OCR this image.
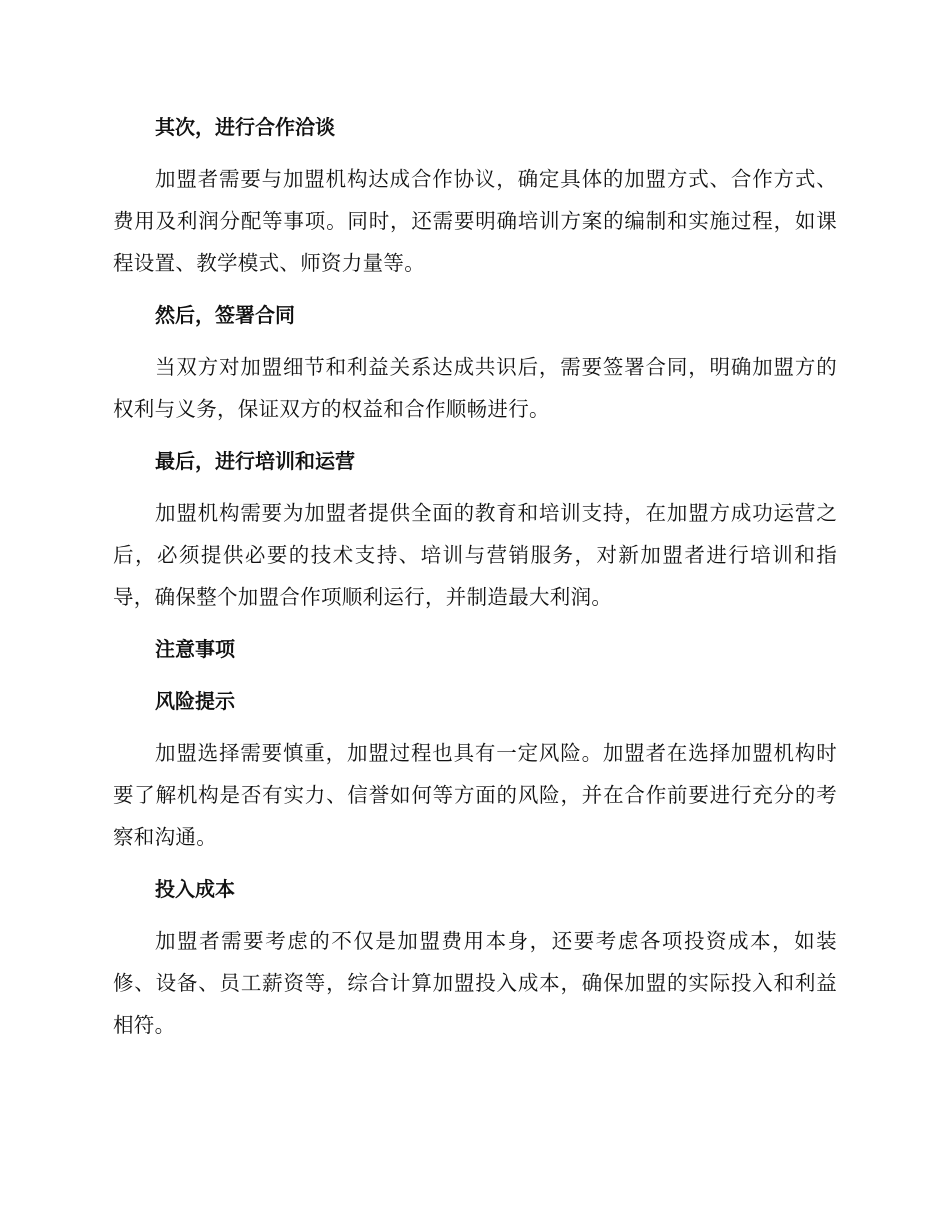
其次，进行合作洽谈
加盟者需要与加盟机构达成合作协议，确定具体的加盟方式、合作方式、费用及利润分配等事项。同时，还需要明确培训方案的编制和实施过程，如课程设置、教学模式、师资力量等。
然后，签署合同
当双方对加盟细节和利益关系达成共识后，需要签署合同，明确加盟方的权利与义务，保证双方的权益和合作顺畅进行。
最后，进行培训和运营
加盟机构需要为加盟者提供全面的教育和培训支持，在加盟方成功运营之后，必须提供必要的技术支持、培训与营销服务，对新加盟者进行培训和指导，确保整个加盟合作项顺利运行，并制造最大利润。
注意事项
风险提示
加盟选择需要慎重，加盟过程也具有一定风险。加盟者在选择加盟机构时要了解机构是否有实力、信誉如何等方面的风险，并在合作前要进行充分的考察和沟通。
投入成本
加盟者需要考虑的不仅是加盟费用本身，还要考虑各项投资成本，如装修、设备、员工薪资等，综合计算加盟投入成本，确保加盟的实际投入和利益相符。
